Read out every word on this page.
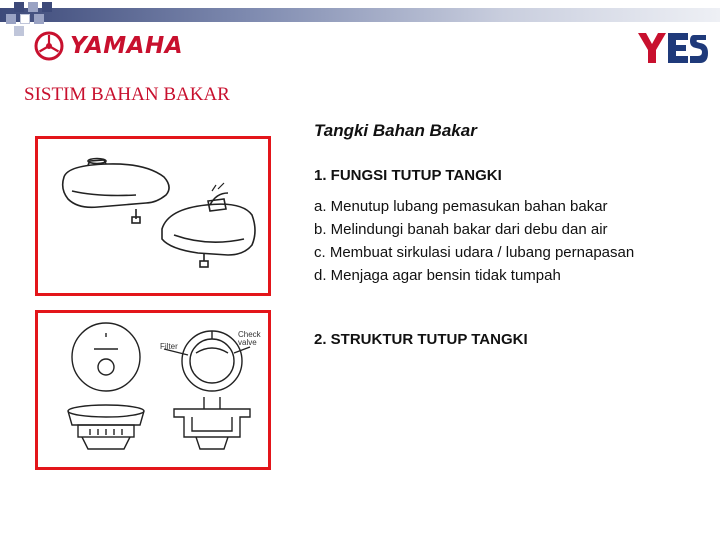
YAMAHA
SISTIM BAHAN BAKAR
Tangki Bahan Bakar
1. FUNGSI TUTUP TANGKI
a. Menutup lubang pemasukan bahan bakar
b. Melindungi banah bakar dari debu dan air
c. Membuat sirkulasi udara / lubang pernapasan
d. Menjaga agar bensin tidak tumpah
2. STRUKTUR TUTUP TANGKI
Filter
Check
valve
